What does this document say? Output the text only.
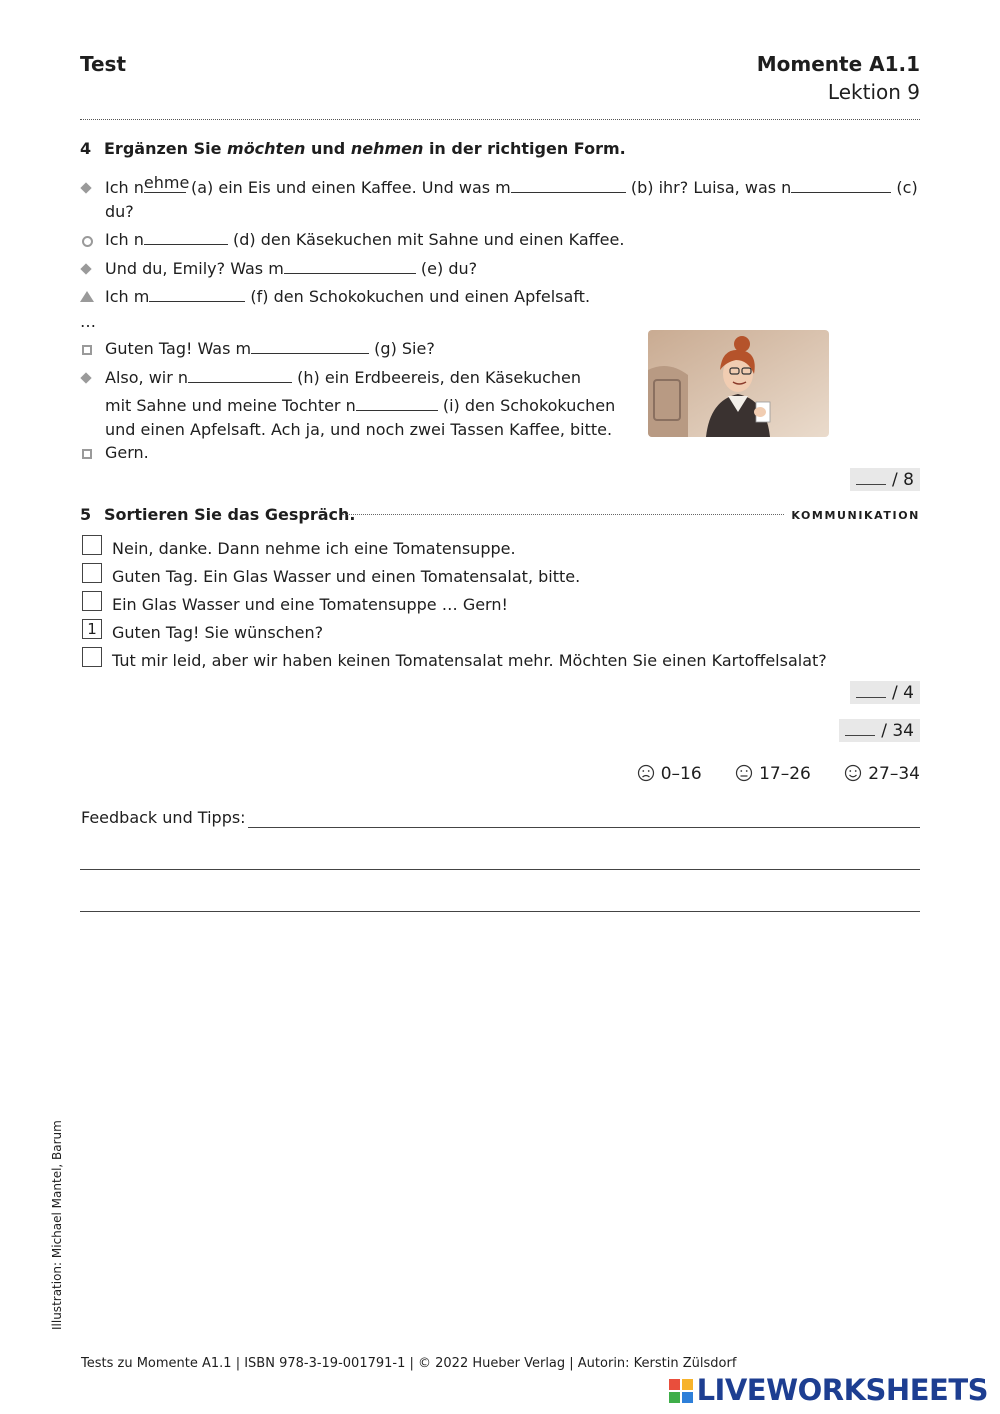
Test	Momente A1.1
Lektion 9
4 Ergänzen Sie möchten und nehmen in der richtigen Form.
Ich n ehme
(a) ein Eis und einen Kaffee. Und was m	(b) ihr? Luisa, was n	(c)
du?
Ich n	(d) den Käsekuchen mit Sahne und einen Kaffee.
Und du, Emily? Was m	(e) du?
Ich m	(f) den Schokokuchen und einen Apfelsaft.
…
Guten Tag! Was m	(g) Sie?
Also, wir n	(h) ein Erdbeereis, den Käsekuchen
mit Sahne und meine Tochter n	(i) den Schokokuchen
und einen Apfelsaft. Ach ja, und noch zwei Tassen Kaffee, bitte.
Gern.
/ 8
5 Sortieren Sie das Gespräch.	KOMMUNIKATION
Nein, danke. Dann nehme ich eine Tomatensuppe.
Guten Tag. Ein Glas Wasser und einen Tomatensalat, bitte.
Ein Glas Wasser und eine Tomatensuppe … Gern!
1 Guten Tag! Sie wünschen?
Tut mir leid, aber wir haben keinen Tomatensalat mehr. Möchten Sie einen Kartoffelsalat?
/ 4
/ 34
0–16	17–26	27–34
Feedback und Tipps:
Illustration: Michael Mantel, Barum
Tests zu Momente A1.1 | ISBN 978-3-19-001791-1 | © 2022 Hueber Verlag | Autorin: Kerstin Zülsdorf
LIVEWORKSHEETS
